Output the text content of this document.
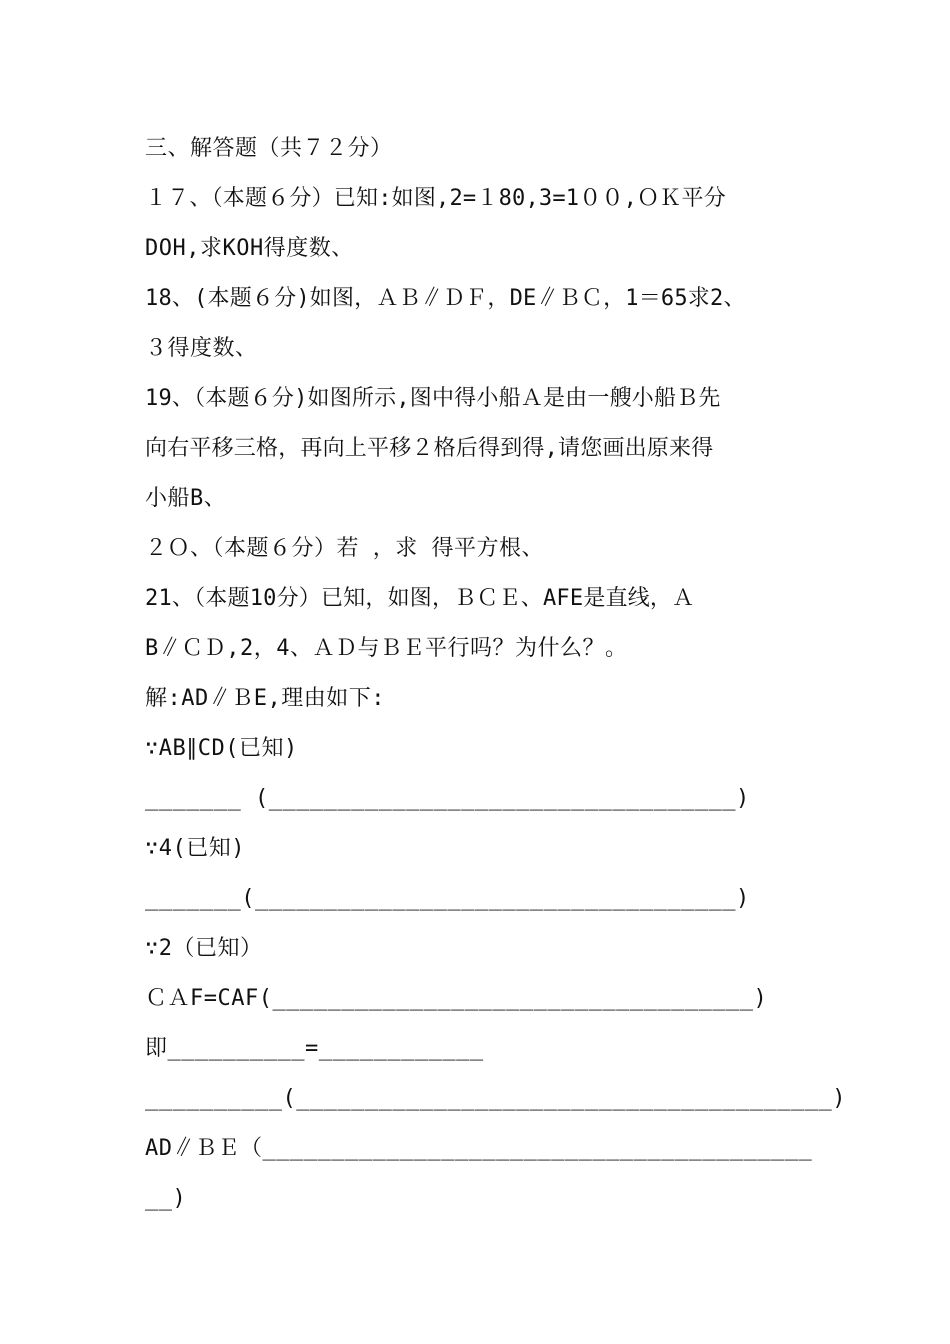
三、解答题（共７２分）
１７、（本题６分）已知:如图,2=１80,3=1００,ＯＫ平分
DOH,求KOH得度数、
18、(本题６分)如图，ＡＢ∥ＤＦ，DE∥ＢＣ，1＝65求2、
３得度数、
19、（本题６分)如图所示,图中得小船Ａ是由一艘小船Ｂ先
向右平移三格，再向上平移２格后得到得,请您画出原来得
小船B、
２Ｏ、（本题６分）若 ，求 得平方根、
21、（本题10分）已知，如图，ＢＣＥ、AFE是直线，Ａ
B∥ＣＤ,2，4、ＡＤ与ＢＥ平行吗？为什么？。
解:AD∥ＢE,理由如下:
∵AB∥CD(已知)
_______ (__________________________________)
∵4(已知)
_______(___________________________________)
∵2（已知）
ＣＡF=CAF(___________________________________)
即__________=____________
__________(_______________________________________)
AD∥ＢＥ（________________________________________
__)
